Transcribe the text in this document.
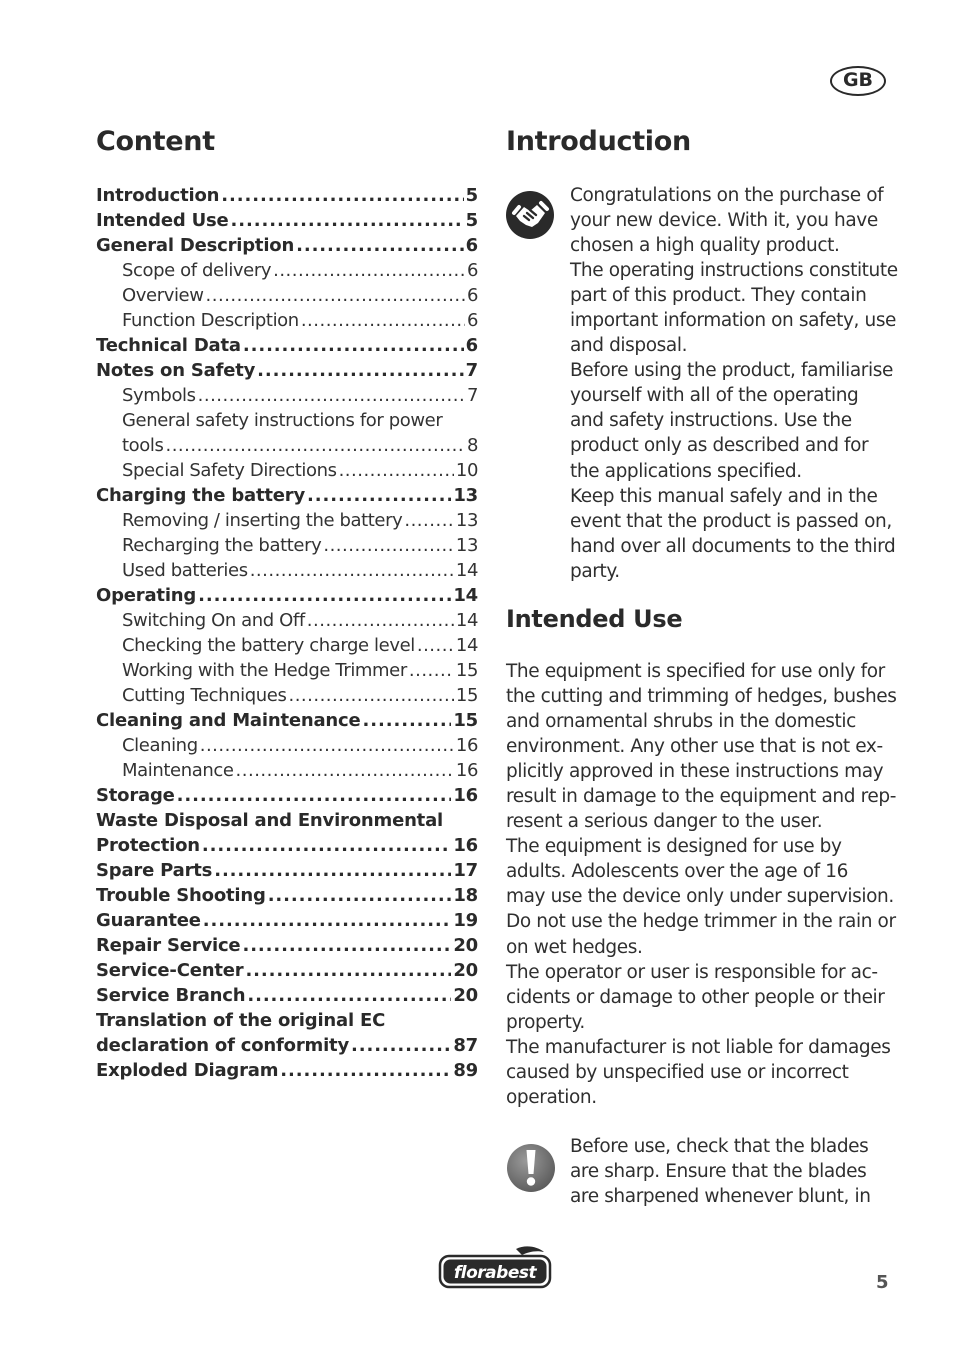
GB
Content
Introduction .....	5
Intended Use .....	5
General Description .....	6
Scope of delivery .....	6
Overview .....	6
Function Description .....	6
Technical Data .....	6
Notes on Safety .....	7
Symbols .....	7
General safety instructions for power
tools .....	8
Special Safety Directions .....	10
Charging the battery .....	13
Removing / inserting the battery .....	13
Recharging the battery .....	13
Used batteries .....	14
Operating .....	14
Switching On and Off .....	14
Checking the battery charge level ..... 14
Working with the Hedge Trimmer .....	15
Cutting Techniques .....	15
Cleaning and Maintenance .....	15
Cleaning .....	16
Maintenance .....	16
Storage .....	16
Waste Disposal and Environmental
Protection .....	16
Spare Parts .....	17
Trouble Shooting .....	18
Guarantee .....	19
Repair Service .....	20
Service-Center .....	20
Service Branch .....	20
Translation of the original EC
declaration of conformity .....	87
Exploded Diagram .....	89
Introduction

Congratulations on the purchase of
your new device. With it, you have
chosen a high quality product.
The operating instructions constitute
part of this product. They contain
important information on safety, use
and disposal.
Before using the product, familiarise
yourself with all of the operating
and safety instructions. Use the
product only as described and for
the applications specified.
Keep this manual safely and in the
event that the product is passed on,
hand over all documents to the third
party.

Intended Use

The equipment is specified for use only for
the cutting and trimming of hedges, bushes
and ornamental shrubs in the domestic
environment. Any other use that is not ex-
plicitly approved in these instructions may
result in damage to the equipment and rep-
resent a serious danger to the user.
The equipment is designed for use by
adults. Adolescents over the age of 16
may use the device only under supervision.
Do not use the hedge trimmer in the rain or
on wet hedges.
The operator or user is responsible for ac-
cidents or damage to other people or their
property.
The manufacturer is not liable for damages
caused by unspecified use or incorrect
operation.

Before use, check that the blades
are sharp. Ensure that the blades
are sharpened whenever blunt, in

florabest	5
